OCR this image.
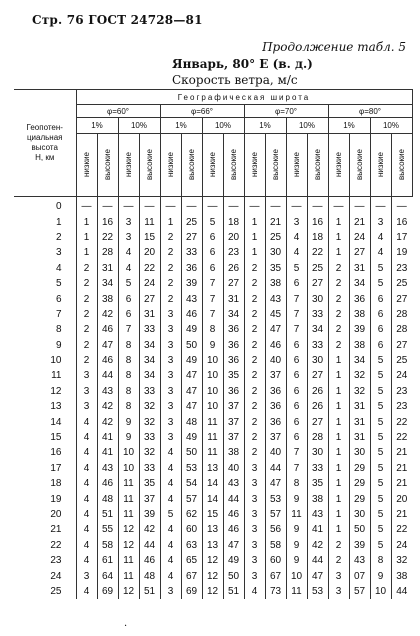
Стр. 76 ГОСТ 24728—81
Продолжение табл. 5
Январь, 80° E (в. д.)
Скорость ветра, м/с
Геопотен-
циальная
высота
H, км	Географическая широта															
	φ=60°				φ=66°				φ=70°				φ=80°			
	1%		10%		1%		10%		1%		10%		1%		10%	
	низкие	высокие	низкие	высокие	низкие	высокие	низкие	высокие	низкие	высокие	низкие	высокие	низкие	высокие	низкие	высокие
0	—	—	—	—	—	—	—	—	—	—	—	—	—	—	—	—
1	1	16	3	11	1	25	5	18	1	21	3	16	1	21	3	16
2	1	22	3	15	2	27	6	20	1	25	4	18	1	24	4	17
3	1	28	4	20	2	33	6	23	1	30	4	22	1	27	4	19
4	2	31	4	22	2	36	6	26	2	35	5	25	2	31	5	23
5	2	34	5	24	2	39	7	27	2	38	6	27	2	34	5	25
6	2	38	6	27	2	43	7	31	2	43	7	30	2	36	6	27
7	2	42	6	31	3	46	7	34	2	45	7	33	2	38	6	28
8	2	46	7	33	3	49	8	36	2	47	7	34	2	39	6	28
9	2	47	8	34	3	50	9	36	2	46	6	33	2	38	6	27
10	2	46	8	34	3	49	10	36	2	40	6	30	1	34	5	25
11	3	44	8	34	3	47	10	35	2	37	6	27	1	32	5	24
12	3	43	8	33	3	47	10	36	2	36	6	26	1	32	5	23
13	3	42	8	32	3	47	10	37	2	36	6	26	1	31	5	23
14	4	42	9	32	3	48	11	37	2	36	6	27	1	31	5	22
15	4	41	9	33	3	49	11	37	2	37	6	28	1	31	5	22
16	4	41	10	32	4	50	11	38	2	40	7	30	1	30	5	21
17	4	43	10	33	4	53	13	40	3	44	7	33	1	29	5	21
18	4	46	11	35	4	54	14	43	3	47	8	35	1	29	5	21
19	4	48	11	37	4	57	14	44	3	53	9	38	1	29	5	20
20	4	51	11	39	5	62	15	46	3	57	11	43	1	30	5	21
21	4	55	12	42	4	60	13	46	3	56	9	41	1	50	5	22
22	4	58	12	44	4	63	13	47	3	58	9	42	2	39	5	24
23	4	61	11	46	4	65	12	49	3	60	9	44	2	43	8	32
24	3	64	11	48	4	67	12	50	3	67	10	47	3	07	9	38
25	4	69	12	51	3	69	12	51	4	73	11	53	3	57	10	44
·
